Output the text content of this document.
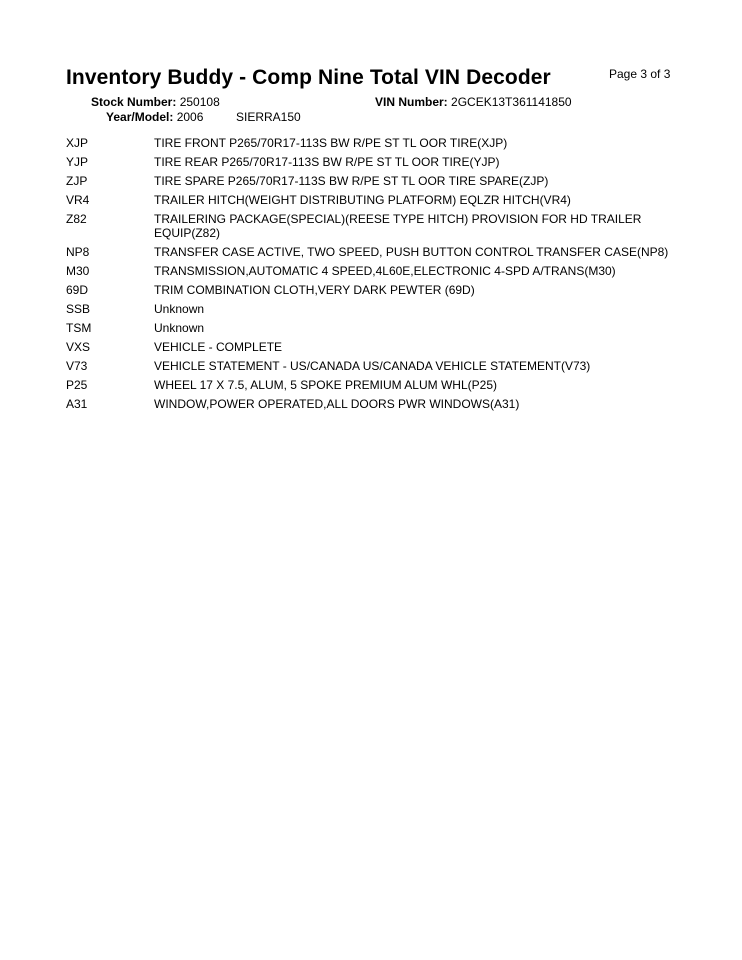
Inventory Buddy - Comp Nine Total VIN Decoder	Page 3 of 3
Stock Number: 250108	VIN Number: 2GCEK13T361141850
Year/Model: 2006	SIERRA150
XJP	TIRE FRONT P265/70R17-113S BW R/PE ST TL OOR TIRE(XJP)
YJP	TIRE REAR P265/70R17-113S BW R/PE ST TL OOR TIRE(YJP)
ZJP	TIRE SPARE P265/70R17-113S BW R/PE ST TL OOR TIRE SPARE(ZJP)
VR4	TRAILER HITCH(WEIGHT DISTRIBUTING PLATFORM) EQLZR HITCH(VR4)
Z82	TRAILERING PACKAGE(SPECIAL)(REESE TYPE HITCH) PROVISION FOR HD TRAILER EQUIP(Z82)
NP8	TRANSFER CASE ACTIVE, TWO SPEED, PUSH BUTTON CONTROL TRANSFER CASE(NP8)
M30	TRANSMISSION,AUTOMATIC 4 SPEED,4L60E,ELECTRONIC 4-SPD A/TRANS(M30)
69D	TRIM COMBINATION CLOTH,VERY DARK PEWTER (69D)
SSB	Unknown
TSM	Unknown
VXS	VEHICLE - COMPLETE
V73	VEHICLE STATEMENT - US/CANADA US/CANADA VEHICLE STATEMENT(V73)
P25	WHEEL 17 X 7.5, ALUM, 5 SPOKE PREMIUM ALUM WHL(P25)
A31	WINDOW,POWER OPERATED,ALL DOORS PWR WINDOWS(A31)
